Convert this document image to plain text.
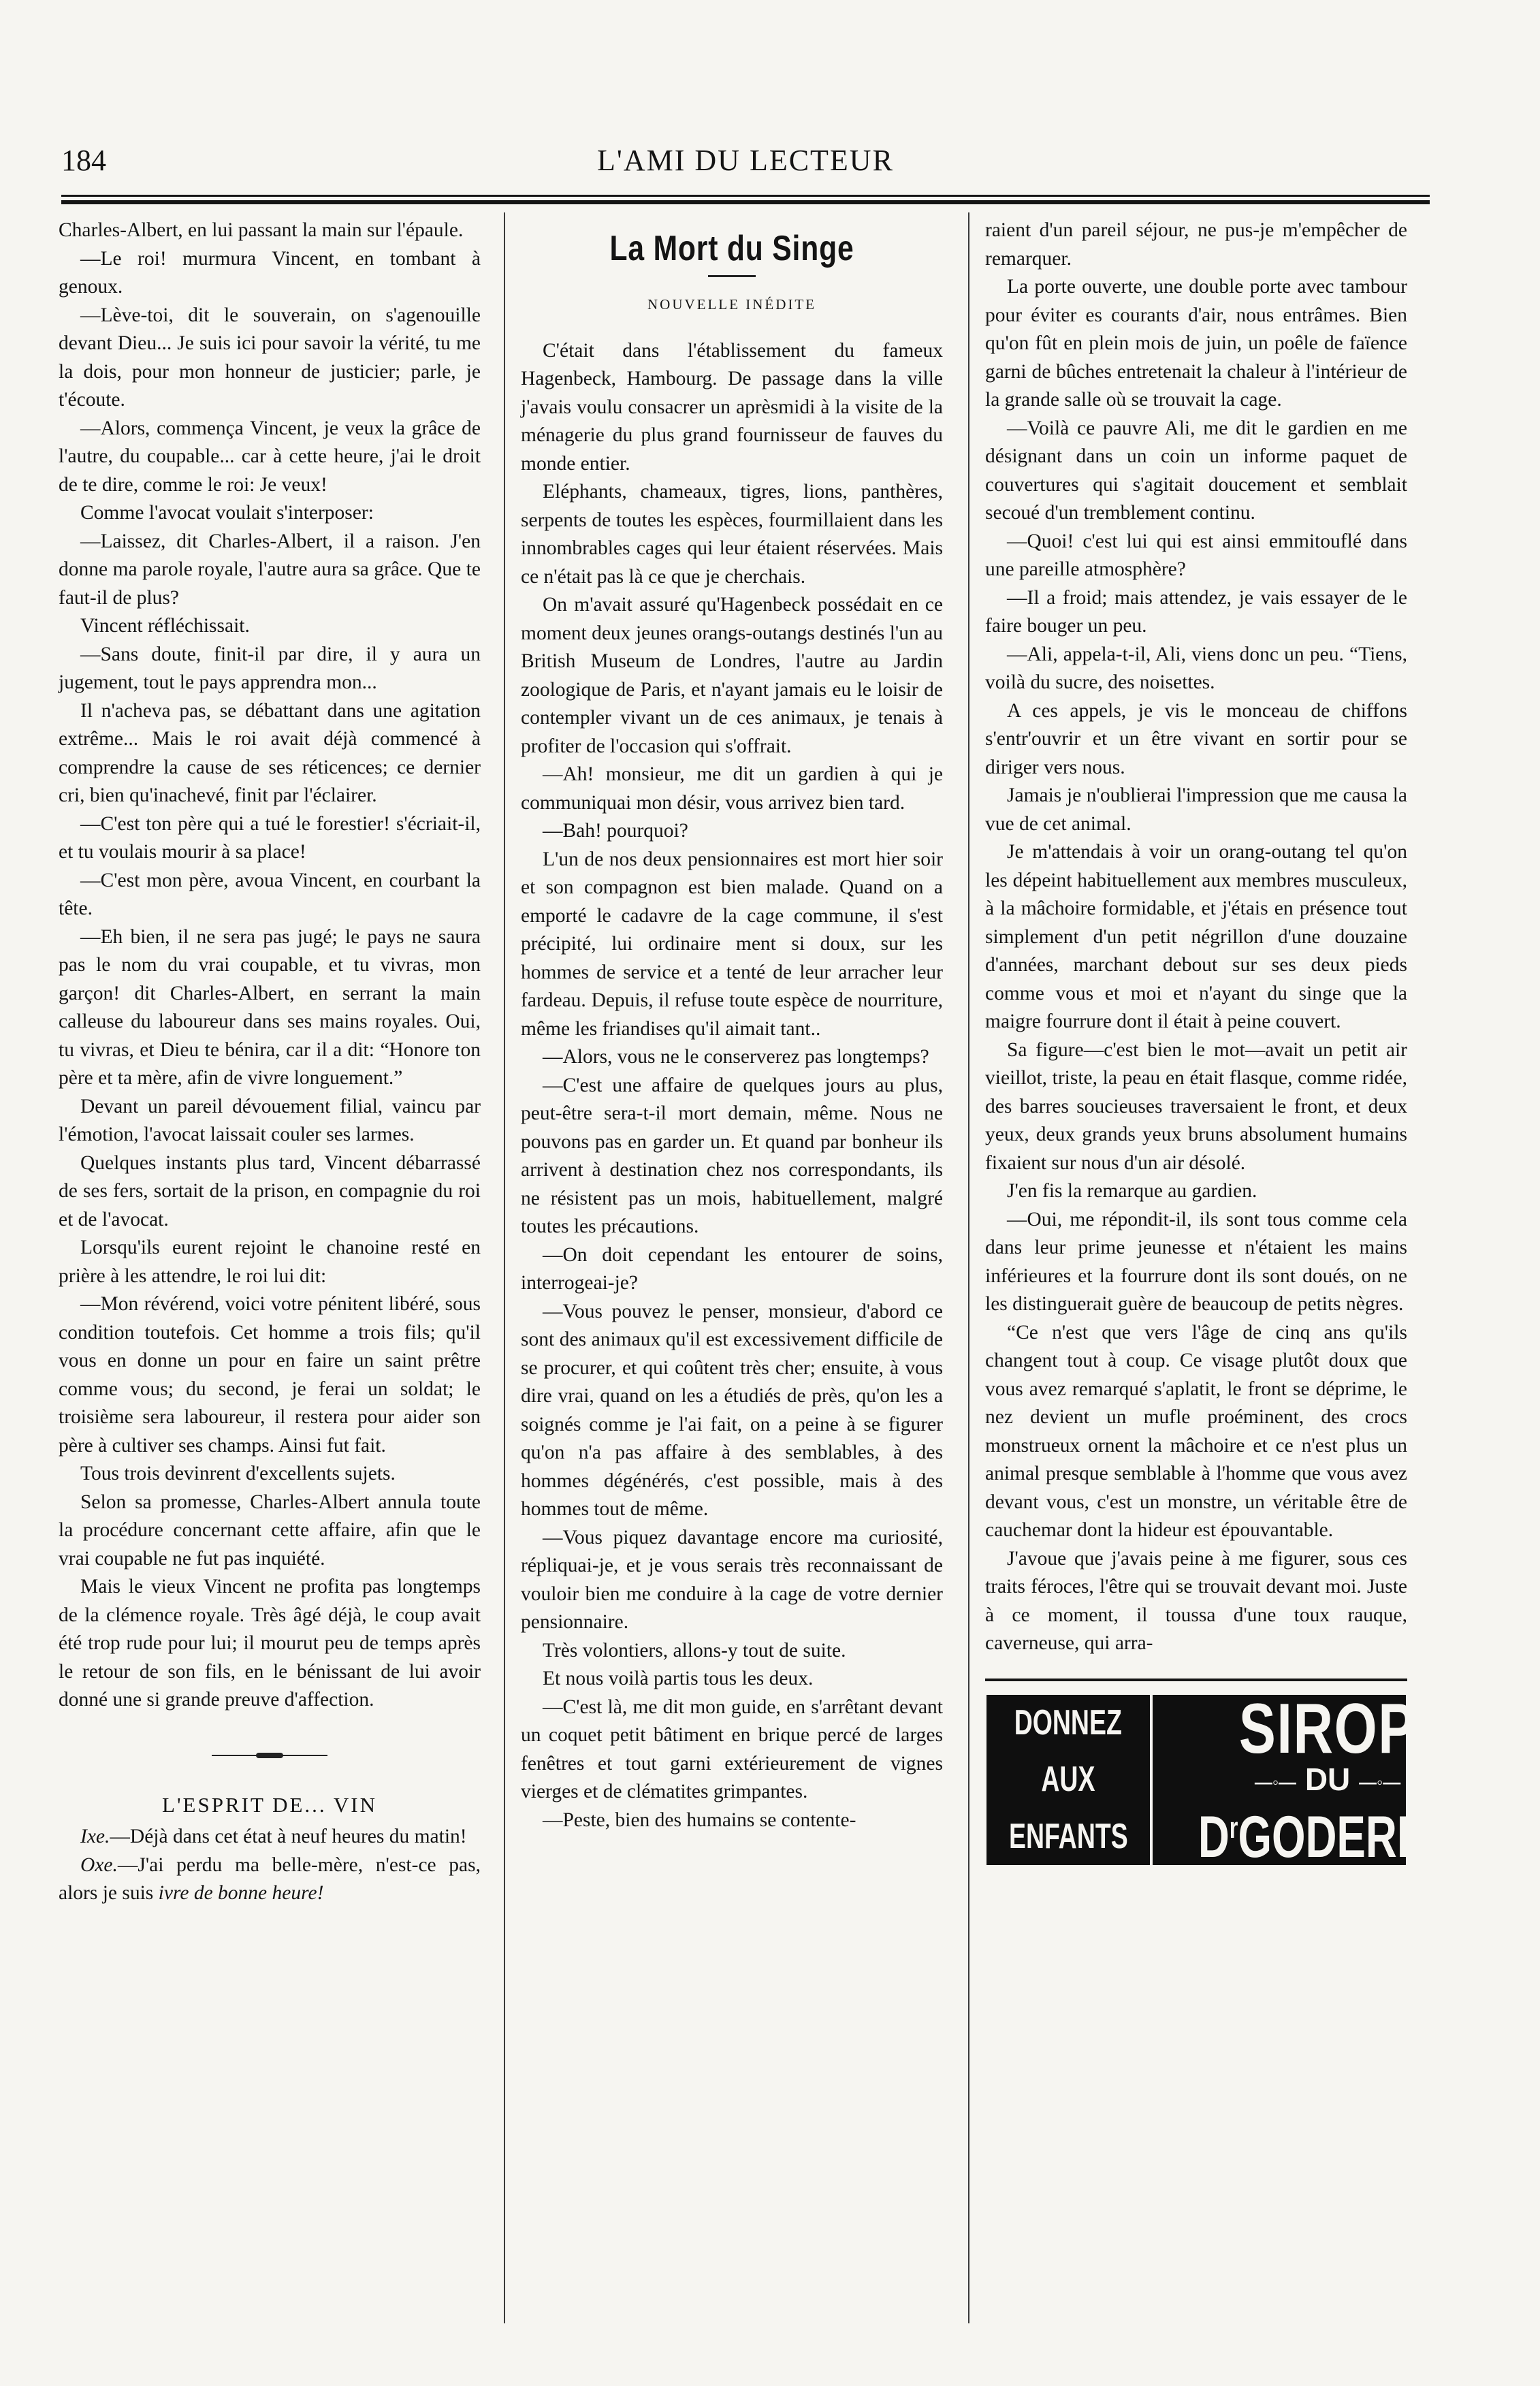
184	L'AMI DU LECTEUR

Charles-Albert, en lui passant la main sur l'épaule.

—Le roi! murmura Vincent, en tombant à genoux.

—Lève-toi, dit le souverain, on s'agenouille devant Dieu... Je suis ici pour savoir la vérité, tu me la dois, pour mon honneur de justicier; parle, je t'écoute.

—Alors, commença Vincent, je veux la grâce de l'autre, du coupable... car à cette heure, j'ai le droit de te dire, comme le roi: Je veux!

Comme l'avocat voulait s'interposer:

—Laissez, dit Charles-Albert, il a raison. J'en donne ma parole royale, l'autre aura sa grâce. Que te faut-il de plus?

Vincent réfléchissait.

—Sans doute, finit-il par dire, il y aura un jugement, tout le pays apprendra mon...

Il n'acheva pas, se débattant dans une agitation extrême... Mais le roi avait déjà commencé à comprendre la cause de ses réticences; ce dernier cri, bien qu'inachevé, finit par l'éclairer.

—C'est ton père qui a tué le forestier! s'écriait-il, et tu voulais mourir à sa place!

—C'est mon père, avoua Vincent, en courbant la tête.

—Eh bien, il ne sera pas jugé; le pays ne saura pas le nom du vrai coupable, et tu vivras, mon garçon! dit Charles-Albert, en serrant la main calleuse du laboureur dans ses mains royales. Oui, tu vivras, et Dieu te bénira, car il a dit: “Honore ton père et ta mère, afin de vivre longuement.”

Devant un pareil dévouement filial, vaincu par l'émotion, l'avocat laissait couler ses larmes.

Quelques instants plus tard, Vincent débarrassé de ses fers, sortait de la prison, en compagnie du roi et de l'avocat.

Lorsqu'ils eurent rejoint le chanoine resté en prière à les attendre, le roi lui dit:

—Mon révérend, voici votre pénitent libéré, sous condition toutefois. Cet homme a trois fils; qu'il vous en donne un pour en faire un saint prêtre comme vous; du second, je ferai un soldat; le troisième sera laboureur, il restera pour aider son père à cultiver ses champs. Ainsi fut fait.

Tous trois devinrent d'excellents sujets.

Selon sa promesse, Charles-Albert annula toute la procédure concernant cette affaire, afin que le vrai coupable ne fut pas inquiété.

Mais le vieux Vincent ne profita pas longtemps de la clémence royale. Très âgé déjà, le coup avait été trop rude pour lui; il mourut peu de temps après le retour de son fils, en le bénissant de lui avoir donné une si grande preuve d'affection.

L'ESPRIT DE... VIN

Ixe.—Déjà dans cet état à neuf heures du matin!

Oxe.—J'ai perdu ma belle-mère, n'est-ce pas, alors je suis ivre de bonne heure!

La Mort du Singe

NOUVELLE INÉDITE

C'était dans l'établissement du fameux Hagenbeck, Hambourg. De passage dans la ville j'avais voulu consacrer un aprèsmidi à la visite de la ménagerie du plus grand fournisseur de fauves du monde entier.

Eléphants, chameaux, tigres, lions, panthères, serpents de toutes les espèces, fourmillaient dans les innombrables cages qui leur étaient réservées. Mais ce n'était pas là ce que je cherchais.

On m'avait assuré qu'Hagenbeck possédait en ce moment deux jeunes orangs-outangs destinés l'un au British Museum de Londres, l'autre au Jardin zoologique de Paris, et n'ayant jamais eu le loisir de contempler vivant un de ces animaux, je tenais à profiter de l'occasion qui s'offrait.

—Ah! monsieur, me dit un gardien à qui je communiquai mon désir, vous arrivez bien tard.

—Bah! pourquoi?

L'un de nos deux pensionnaires est mort hier soir et son compagnon est bien malade. Quand on a emporté le cadavre de la cage commune, il s'est précipité, lui ordinaire ment si doux, sur les hommes de service et a tenté de leur arracher leur fardeau. Depuis, il refuse toute espèce de nourriture, même les friandises qu'il aimait tant..

—Alors, vous ne le conserverez pas longtemps?

—C'est une affaire de quelques jours au plus, peut-être sera-t-il mort demain, même. Nous ne pouvons pas en garder un. Et quand par bonheur ils arrivent à destination chez nos correspondants, ils ne résistent pas un mois, habituellement, malgré toutes les précautions.

—On doit cependant les entourer de soins, interrogeai-je?

—Vous pouvez le penser, monsieur, d'abord ce sont des animaux qu'il est excessivement difficile de se procurer, et qui coûtent très cher; ensuite, à vous dire vrai, quand on les a étudiés de près, qu'on les a soignés comme je l'ai fait, on a peine à se figurer qu'on n'a pas affaire à des semblables, à des hommes dégénérés, c'est possible, mais à des hommes tout de même.

—Vous piquez davantage encore ma curiosité, répliquai-je, et je vous serais très reconnaissant de vouloir bien me conduire à la cage de votre dernier pensionnaire.

Très volontiers, allons-y tout de suite.

Et nous voilà partis tous les deux.

—C'est là, me dit mon guide, en s'arrêtant devant un coquet petit bâtiment en brique percé de larges fenêtres et tout garni extérieurement de vignes vierges et de clématites grimpantes.

—Peste, bien des humains se contente-

raient d'un pareil séjour, ne pus-je m'empêcher de remarquer.

La porte ouverte, une double porte avec tambour pour éviter es courants d'air, nous entrâmes. Bien qu'on fût en plein mois de juin, un poêle de faïence garni de bûches entretenait la chaleur à l'intérieur de la grande salle où se trouvait la cage.

—Voilà ce pauvre Ali, me dit le gardien en me désignant dans un coin un informe paquet de couvertures qui s'agitait doucement et semblait secoué d'un tremblement continu.

—Quoi! c'est lui qui est ainsi emmitouflé dans une pareille atmosphère?

—Il a froid; mais attendez, je vais essayer de le faire bouger un peu.

—Ali, appela-t-il, Ali, viens donc un peu. “Tiens, voilà du sucre, des noisettes.

A ces appels, je vis le monceau de chiffons s'entr'ouvrir et un être vivant en sortir pour se diriger vers nous.

Jamais je n'oublierai l'impression que me causa la vue de cet animal.

Je m'attendais à voir un orang-outang tel qu'on les dépeint habituellement aux membres musculeux, à la mâchoire formidable, et j'étais en présence tout simplement d'un petit négrillon d'une douzaine d'années, marchant debout sur ses deux pieds comme vous et moi et n'ayant du singe que la maigre fourrure dont il était à peine couvert.

Sa figure—c'est bien le mot—avait un petit air vieillot, triste, la peau en était flasque, comme ridée, des barres soucieuses traversaient le front, et deux yeux, deux grands yeux bruns absolument humains fixaient sur nous d'un air désolé.

J'en fis la remarque au gardien.

—Oui, me répondit-il, ils sont tous comme cela dans leur prime jeunesse et n'étaient les mains inférieures et la fourrure dont ils sont doués, on ne les distinguerait guère de beaucoup de petits nègres.

“Ce n'est que vers l'âge de cinq ans qu'ils changent tout à coup. Ce visage plutôt doux que vous avez remarqué s'aplatit, le front se déprime, le nez devient un mufle proéminent, des crocs monstrueux ornent la mâchoire et ce n'est plus un animal presque semblable à l'homme que vous avez devant vous, c'est un monstre, un véritable être de cauchemar dont la hideur est épouvantable.

J'avoue que j'avais peine à me figurer, sous ces traits féroces, l'être qui se trouvait devant moi. Juste à ce moment, il toussa d'une toux rauque, caverneuse, qui arra-

DONNEZ
AUX
ENFANTS
SIROP
—◦— DU —◦—
$D^rGODERRE$
